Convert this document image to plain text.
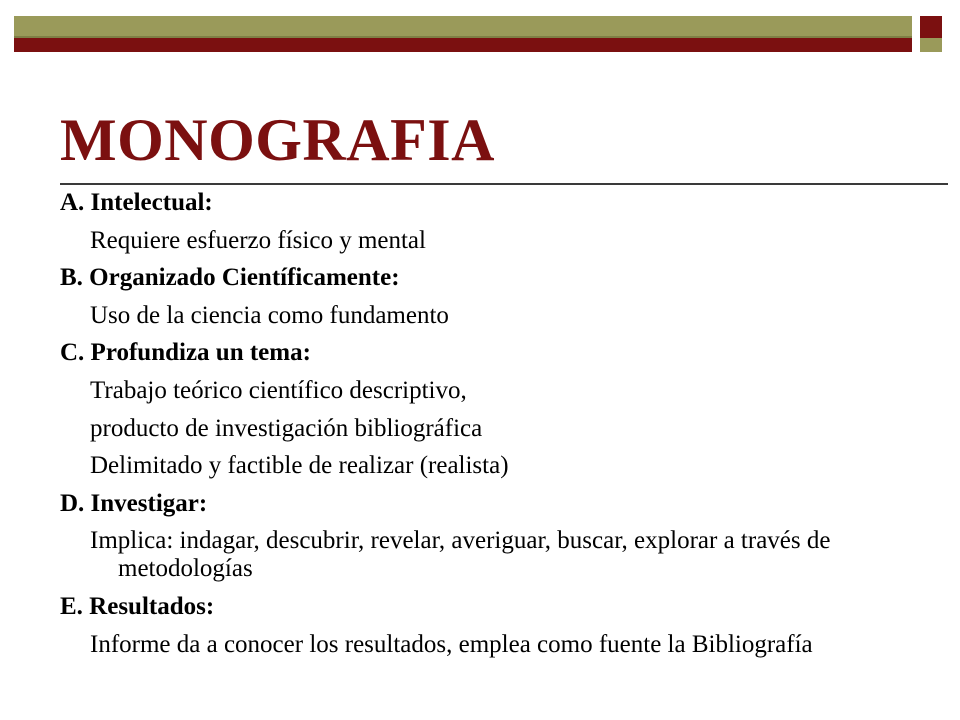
MONOGRAFIA
A. Intelectual:
Requiere esfuerzo físico y mental
B. Organizado Científicamente:
Uso de la ciencia como fundamento
C. Profundiza un tema:
Trabajo teórico científico descriptivo,
producto de investigación bibliográfica
Delimitado y factible de realizar (realista)
D. Investigar:
Implica: indagar, descubrir, revelar, averiguar, buscar, explorar a través de metodologías
E. Resultados:
Informe da a conocer los resultados, emplea como fuente la Bibliografía
